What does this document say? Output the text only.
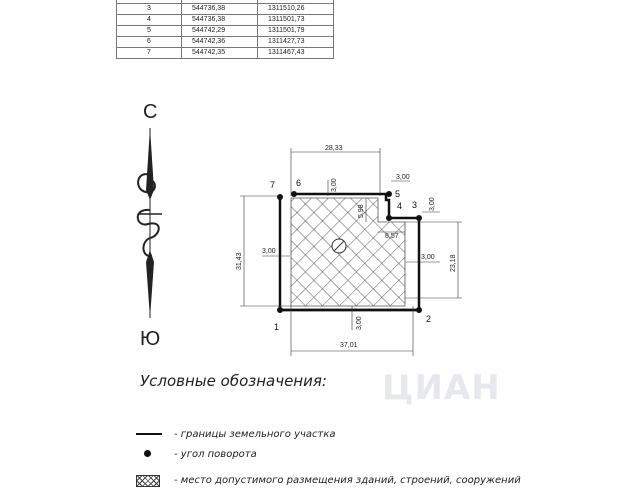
3	544736,38	1311510,26
4	544736,38	1311501,73
5	544742,29	1311501,79
6	544742,36	1311427,73
7	544742,35	1311467,43
С
Ю
1
2
3
4
5
6
7
28,33
37,01
31,43	23,18
3,00
3,00
3,00
3,00
3,00
3,00
5,98
8,57
ЦИАН
Условные обозначения:
- границы земельного участка
- угол поворота
- место допустимого размещения зданий, строений, сооружений
